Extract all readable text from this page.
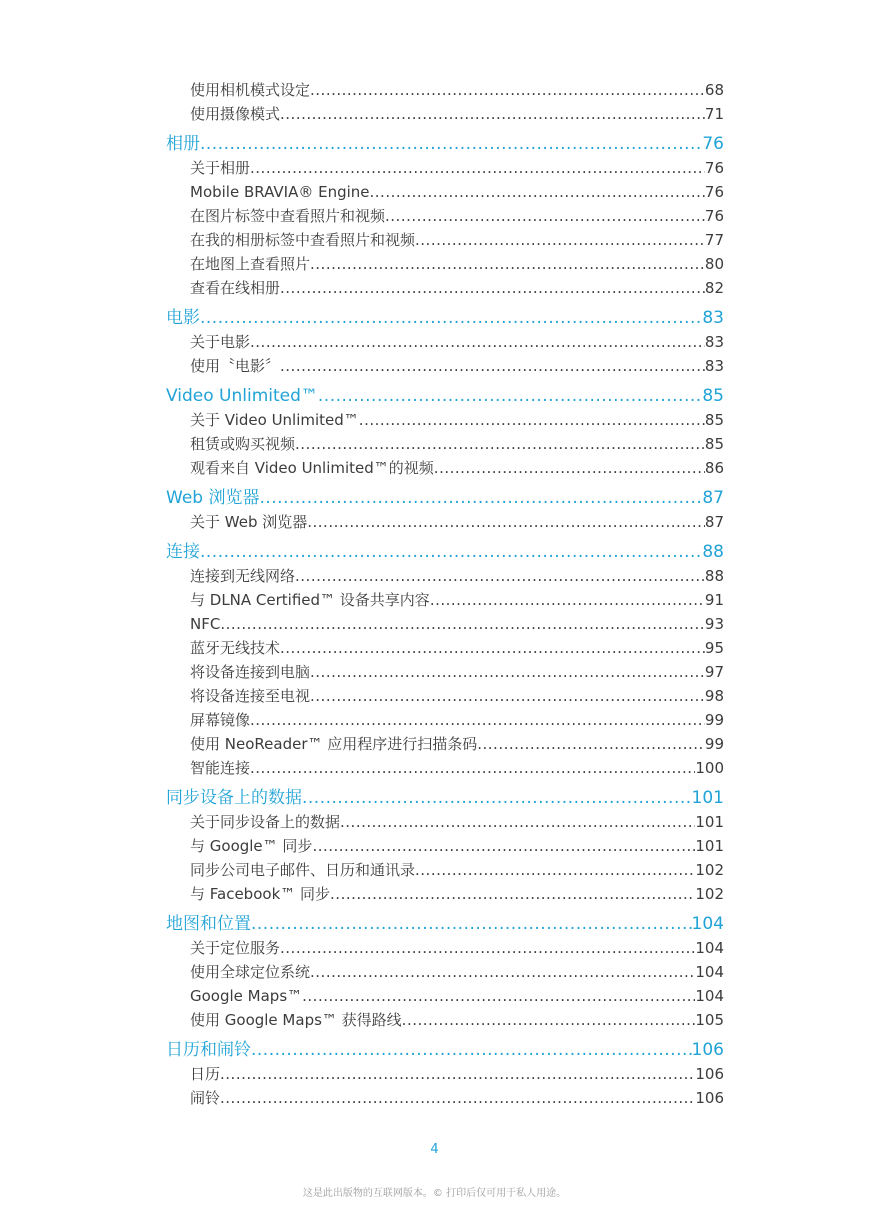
使用相机模式设定 .....	68
使用摄像模式 .....	71
相册 .....	76
关于相册 .....	76
Mobile BRAVIA® Engine .....	76
在图片标签中查看照片和视频 .....	76
在我的相册标签中查看照片和视频 .....	77
在地图上查看照片 .....	80
查看在线相册 .....	82
电影 .....	83
关于电影 .....	83
使用〝电影〞 .....	83
Video Unlimited™ .....	85
关于 Video Unlimited™ .....	85
租赁或购买视频 .....	85
观看来自 Video Unlimited™的视频 .....	86
Web 浏览器 .....	87
关于 Web 浏览器 .....	87
连接 .....	88
连接到无线网络 .....	88
与 DLNA Certified™ 设备共享内容 .....	91
NFC .....	93
蓝牙无线技术 .....	95
将设备连接到电脑 .....	97
将设备连接至电视 .....	98
屏幕镜像 .....	99
使用 NeoReader™ 应用程序进行扫描条码 .....	99
智能连接 .....	100
同步设备上的数据 .....	101
关于同步设备上的数据 .....	101
与 Google™ 同步 .....	101
同步公司电子邮件、日历和通讯录 .....	102
与 Facebook™ 同步 .....	102
地图和位置 .....	104
关于定位服务 .....	104
使用全球定位系统 .....	104
Google Maps™ .....	104
使用 Google Maps™ 获得路线 .....	105
日历和闹铃 .....	106
日历 .....	106
闹铃 .....	106
4
这是此出版物的互联网版本。© 打印后仅可用于私人用途。
